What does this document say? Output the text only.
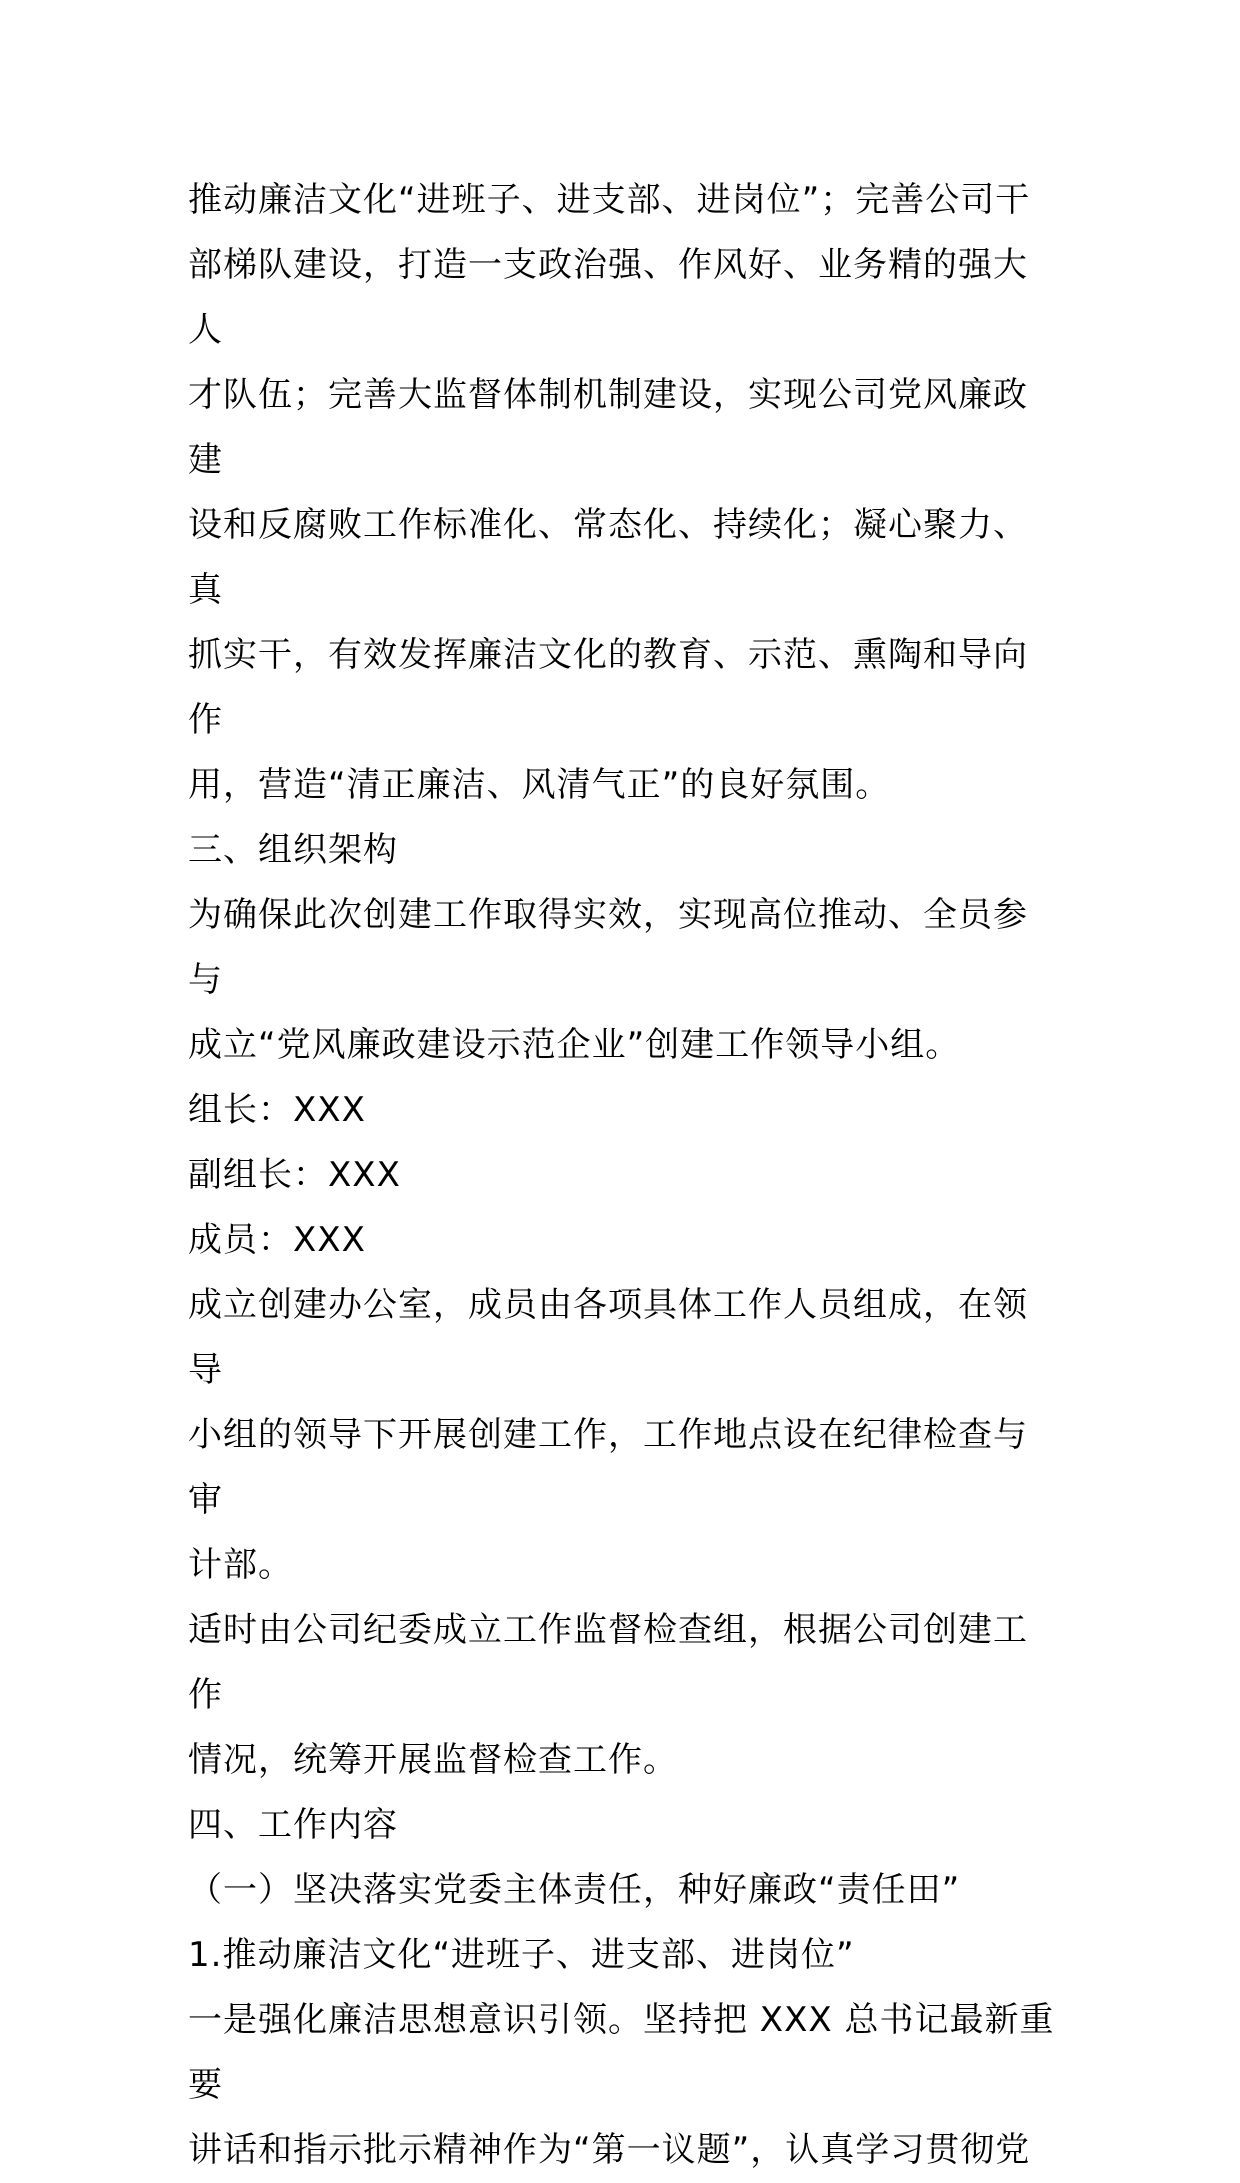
推动廉洁文化“进班子、进支部、进岗位”；完善公司干
部梯队建设，打造一支政治强、作风好、业务精的强大人
才队伍；完善大监督体制机制建设，实现公司党风廉政建
设和反腐败工作标准化、常态化、持续化；凝心聚力、真
抓实干，有效发挥廉洁文化的教育、示范、熏陶和导向作
用，营造“清正廉洁、风清气正”的良好氛围。
三、组织架构
为确保此次创建工作取得实效，实现高位推动、全员参与
成立“党风廉政建设示范企业”创建工作领导小组。
组长：XXX
副组长：XXX
成员：XXX
成立创建办公室，成员由各项具体工作人员组成，在领导
小组的领导下开展创建工作，工作地点设在纪律检查与审
计部。
适时由公司纪委成立工作监督检查组，根据公司创建工作
情况，统筹开展监督检查工作。
四、工作内容
（一）坚决落实党委主体责任，种好廉政“责任田”
1.推动廉洁文化“进班子、进支部、进岗位”
一是强化廉洁思想意识引领。坚持把 XXX 总书记最新重要
讲话和指示批示精神作为“第一议题”，认真学习贯彻党
